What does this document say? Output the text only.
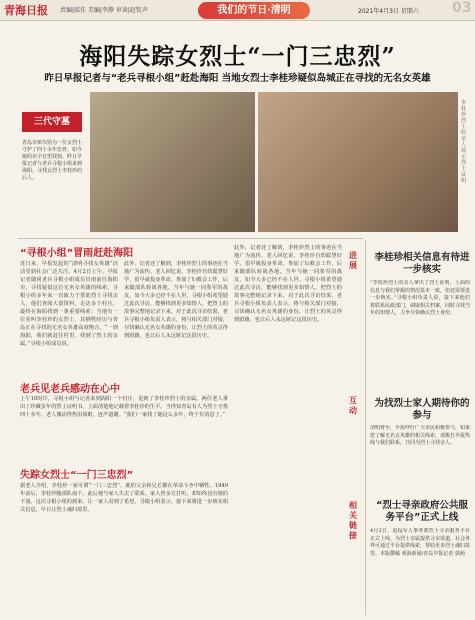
青海日报 责编|邱佳 美编|李静 审读|赵钦声	我们的节日·清明	2021年4月3日 星期六 03
海阳失踪女烈士“一门三忠烈”
昨日早报记者与“老兵寻根小组”赶赴海阳 当地女烈士李桂珍疑似岛城正在寻找的无名女英雄
三代守墓
青岛市殡仪馆为一位女烈士守护了四十余年忠骨，如今她的名字有望找到。昨日早报记者与老兵寻根小组来到海阳，寻找女烈士李桂珍的后人。
李桂珍烈士的亲人展示烈士证明
“寻根小组”冒雨赶赴海阳
近日来，早报发起的“清明寻找女英雄”活动受到社会广泛关注。4月2日上午，早报记者随同老兵寻根小组成员冒雨前往海阳市，寻找疑似这位无名女英雄的线索。寻根小组多年来一直致力于帮助烈士寻找亲人，他们查阅大量资料，走访多个村庄，最终在海阳找到一条重要线索：当地有一位名叫李桂珍的女烈士，其牺牲经历与青岛正在寻找的无名女英雄高度吻合。“一到海阳，我们就赶往村里，找到了烈士的亲属。”寻根小组成员说。
此外，记者还了解到，李桂珍烈士的事迹在当地广为流传。老人回忆说，李桂珍自幼聪慧好学，很早就投身革命，参加了妇救会工作，后来随部队转战各地。当年与她一同参军的战友，如今大多已经不在人世。寻根小组希望通过此次寻访，能够找到更多知情人，把烈士的故事完整地记录下来。对于此次寻访结果，老兵寻根小组负责人表示，将与相关部门对接，尽快确认无名女英雄的身份，让烈士的英灵得到慰藉，也让后人永远铭记这段历史。
老兵见老兵感动在心中
上午10时许，寻根小组与记者来到海阳一个村庄，见到了李桂珍烈士的亲属。两位老人拿出了珍藏多年的烈士证明书，上面清楚地记载着李桂珍的生平。当得知青岛有人为烈士守墓四十多年，老人激动得热泪盈眶，连声道谢。“我们一家找了她这么多年，终于有消息了。”
失踪女烈士“一门三忠烈”
据老人介绍，李桂珍一家可谓“一门三忠烈”，她的父亲和兄长都在革命斗争中牺牲。1949年前后，李桂珍随部队南下，此后便与家人失去了联系。家人曾多方打听，却始终没有她的下落。这次寻根小组的到来，让一家人看到了希望。寻根小组表示，接下来将进一步核实相关信息，早日让烈士魂归故里。
此外，记者还了解到，李桂珍烈士的事迹在当地广为流传。老人回忆说，李桂珍自幼聪慧好学，很早就投身革命，参加了妇救会工作，后来随部队转战各地。当年与她一同参军的战友，如今大多已经不在人世。寻根小组希望通过此次寻访，能够找到更多知情人，把烈士的故事完整地记录下来。对于此次寻访结果，老兵寻根小组负责人表示，将与相关部门对接，尽快确认无名女英雄的身份，让烈士的英灵得到慰藉，也让后人永远铭记这段历史。
进展
李桂珍相关信息有待进一步核实
“李桂珍烈士的亲人拿出了烈士证明，上面的信息与我们掌握的情况基本一致，但还需要进一步核实。”寻根小组负责人说，接下来他们将联系民政部门，调取相关档案，同时寻找当年的知情人，力争尽快确认烈士身份。
互动
为找烈士家人期待你的参与
清明将至，早报呼吁广大市民积极参与，如果您了解无名女英雄的相关线索，请拨打早报热线与我们联系，共同为烈士寻找亲人。
相关链接
“烈士寻亲政府公共服务平台”正式上线
4月2日，退役军人事务部烈士寻亲服务平台正式上线，为烈士亲属提供寻亲渠道，社会各界可通过平台提供线索，帮助更多烈士魂归故里。本版撰稿 观海新闻/青岛早报记者 郭萌
